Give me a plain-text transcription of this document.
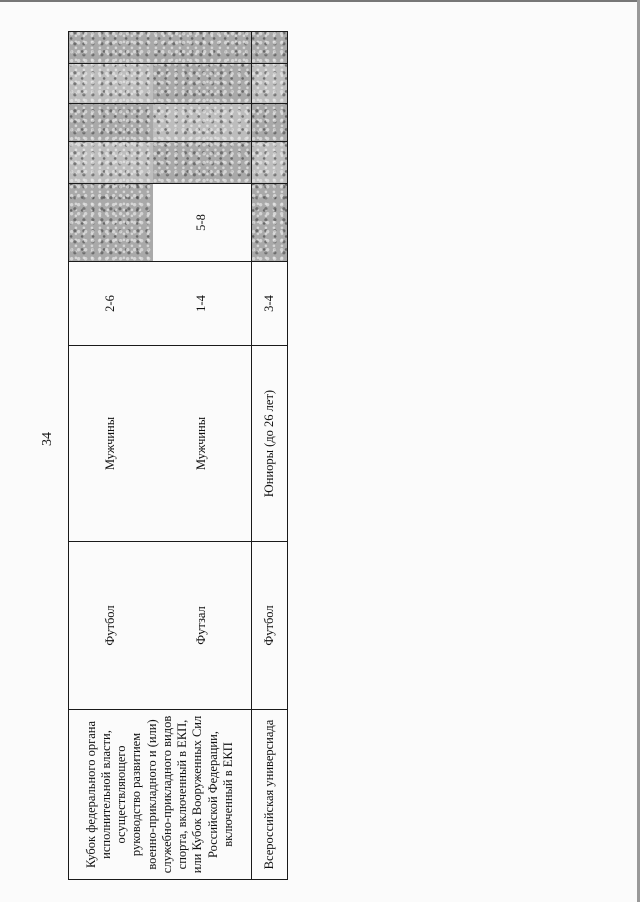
34
Кубок федерального органа исполнительной власти, осуществляющего руководство развитием военно-прикладного и (или) служебно-прикладного видов спорта, включенный в ЕКП, или Кубок Вооруженных Сил Российской Федерации, включенный в ЕКП	Футбол	Мужчины	2-6					
	Футзал	Мужчины	1-4	5-8				
Всероссийская универсиада	Футбол	Юниоры (до 26 лет)	3-4					
